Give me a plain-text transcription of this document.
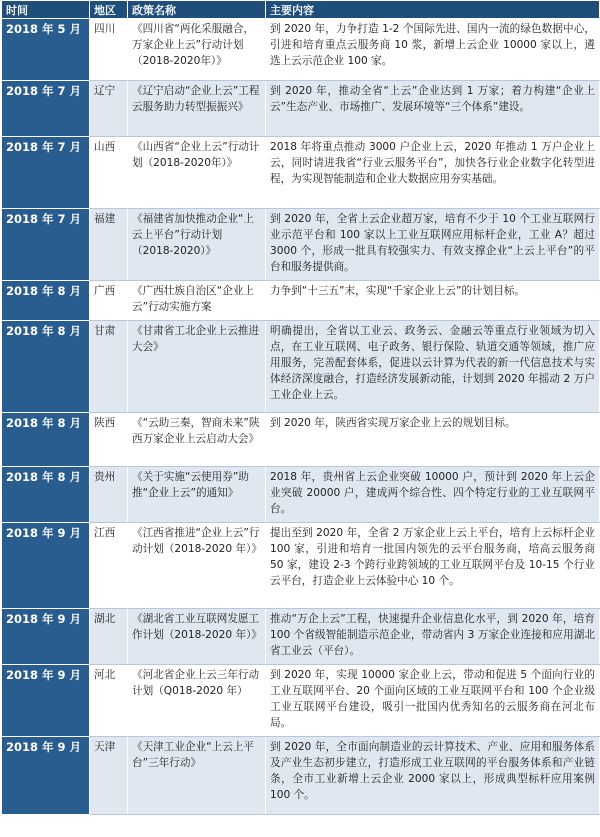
时间	地区	政策名称	主要内容
2018 年 5 月	四川	《四川省“两化采服融合，万家企业上云”行动计划（2018-2020年）》	到 2020 年，力争打造 1-2 个国际先进、国内一流的绿色数据中心，引进和培育重点云服务商 10 浆，新增上云企业 10000 家以上，遴选上云示范企业 100 家。
2018 年 7 月	辽宁	《辽宁启动“企业上云”工程云服务助力转型振振兴》	到 2020 年，推动全省“上云”企业达到 1 万家；着力构建“企业上云”生态产业、市场推广、发展环境等“三个体系”建设。
2018 年 7 月	山西	《山西省“企业上云”行动计划（2018-2020年）》	2018 年将重点推动 3000 户企业上云，2020 年推动 1 万户企业上云，同时请进我省“行业云服务平台”，加快各行业企业数字化转型进程，为实现智能制造和企业大数据应用夯实基础。
2018 年 7 月	福建	《福建省加快推动企业“上云上平台”行动计划（2018-2020）》	到 2020 年，全省上云企业超万家，培育不少于 10 个工业互联网行业示范平台和 100 家以上工业互联网应用标杆企业，工业 A？超过 3000 个，形成一批具有较强实力、有效支撑企业“上云上平台”的平台和服务提供商。
2018 年 8 月	广西	《广西壮族自治区“企业上云”行动实施方案	力争到“十三五”末，实现“千家企业上云”的计划目标。
2018 年 8 月	甘肃	《甘肃省工北企业上云推进大会》	明确提出，全省以工业云、政务云、金融云等重点行业领域为切入点，在工业互联网、电子政务、银行保险、轨道交通等领域，推广应用服务，完善配套体系，促进以云计算为代表的新一代信息技术与实体经济深度融合，打造经济发展新动能，计划到 2020 年摇动 2 万户工业企业上云。
2018 年 8 月	陕西	《“云助三秦，智商未来”陕西万家企业上云启动大会》	到 2020 年，陕西省实现万家企业上云的规划目标。
2018 年 8 月	贵州	《关于实施“云使用券”助推“企业上云”的通知》	2018 年，贵州省上云企业突破 10000 户，预计到 2020 年上云企业突破 20000 户，建成两个综合性、四个特定行业的工业互联网平台。
2018 年 9 月	江西	《江西省推进“企业上云”行动计划（2018-2020 年）》	提出至到 2020 年，全省 2 万家企业上云上平台，培育上云标杆企业 100 家，引进和培育一批国内领先的云平台服务商，培高云服务商 50 家，建设 2-3 个跨行业跨领域的工业互联网平台及 10-15 个行业云平台，打造企业上云体验中心 10 个。
2018 年 9 月	湖北	《湖北省工业互联网发愿工作计划（2018-2020 年）》	推动“万企上云”工程，快速提升企业信息化水平，到 2020 年，培育 100 个省级智能制造示范企业，带动省内 3 万家企业连接和应用湖北省工业云（平台）。
2018 年 9 月	河北	《河北省企业上云三年行动计划（Q018-2020 年）	到 2020 年，实现 10000 家企业上云，带动和促进 5 个面向行业的工业互联网平台、20 个面向区域的工业互联网平台和 100 个企业级工业互联网平台建设，吸引一批国内优秀知名的云服务商在河北布局。
2018 年 9 月	天津	《天津工业企业“上云上平台”三年行动》	到 2020 年，全市面向制造业的云计算技术、产业、应用和服务体系及产业生态初步建立，打造形成工业互联网的平台服务体系和产业链条，全市工业新增上云企业 2000 家以上，形成典型标杆应用案例 100 个。
